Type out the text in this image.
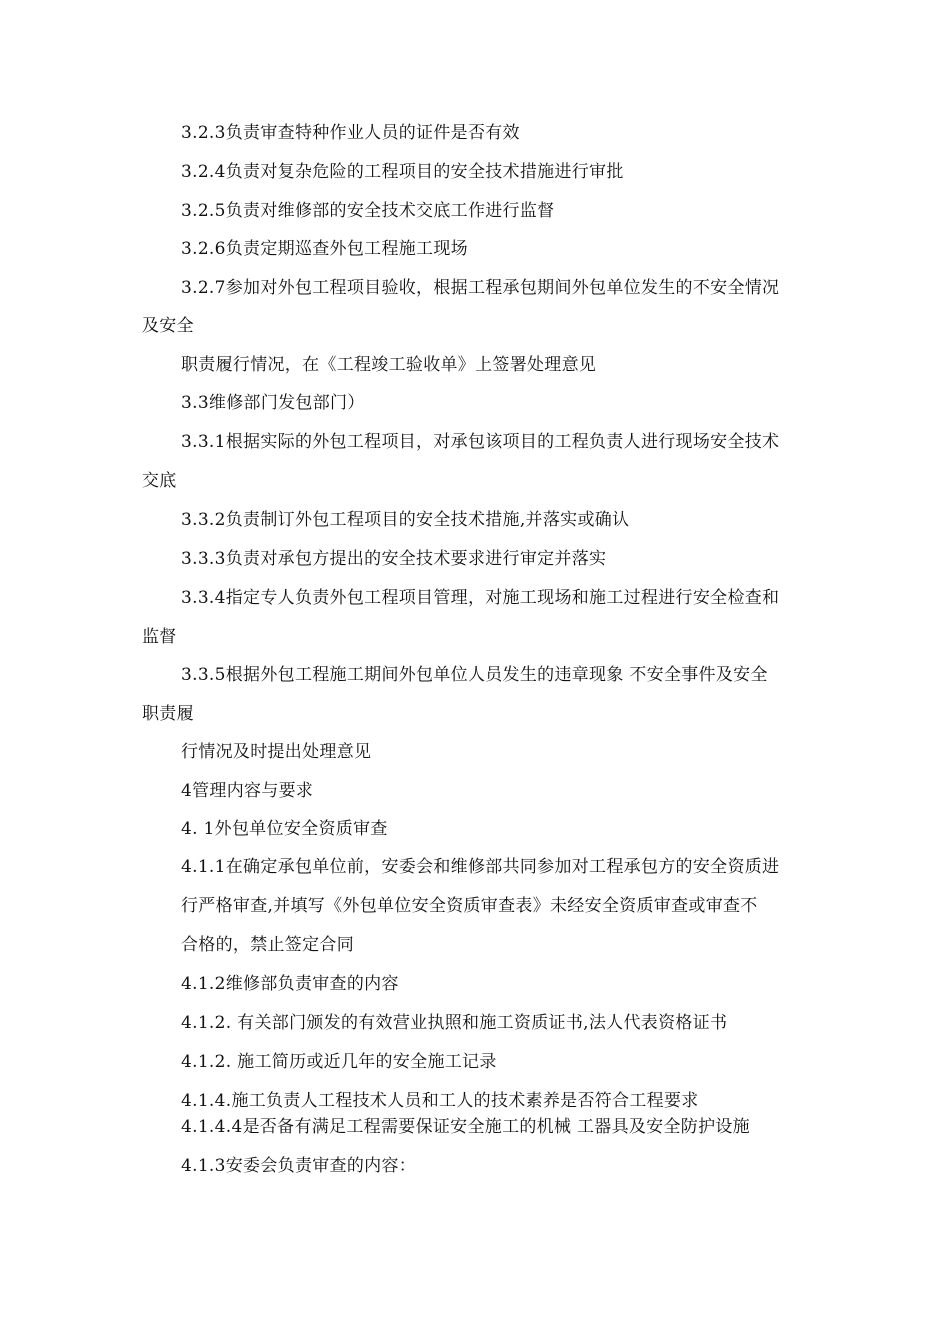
3.2.3负责审查特种作业人员的证件是否有效
3.2.4负责对复杂危险的工程项目的安全技术措施进行审批
3.2.5负责对维修部的安全技术交底工作进行监督
3.2.6负责定期巡查外包工程施工现场
3.2.7参加对外包工程项目验收，根据工程承包期间外包单位发生的不安全情况
及安全
职责履行情况，在《工程竣工验收单》上签署处理意见
3.3维修部门发包部门）
3.3.1根据实际的外包工程项目，对承包该项目的工程负责人进行现场安全技术
交底
3.3.2负责制订外包工程项目的安全技术措施,并落实或确认
3.3.3负责对承包方提出的安全技术要求进行审定并落实
3.3.4指定专人负责外包工程项目管理，对施工现场和施工过程进行安全检查和
监督
3.3.5根据外包工程施工期间外包单位人员发生的违章现象 不安全事件及安全
职责履
行情况及时提出处理意见
4管理内容与要求
4. 1外包单位安全资质审查
4.1.1在确定承包单位前，安委会和维修部共同参加对工程承包方的安全资质进
行严格审查,并填写《外包单位安全资质审查表》未经安全资质审查或审查不
合格的，禁止签定合同
4.1.2维修部负责审查的内容
4.1.2. 有关部门颁发的有效营业执照和施工资质证书,法人代表资格证书
4.1.2. 施工简历或近几年的安全施工记录
4.1.4.施工负责人工程技术人员和工人的技术素养是否符合工程要求
4.1.4.4是否备有满足工程需要保证安全施工的机械 工器具及安全防护设施
4.1.3安委会负责审查的内容：
